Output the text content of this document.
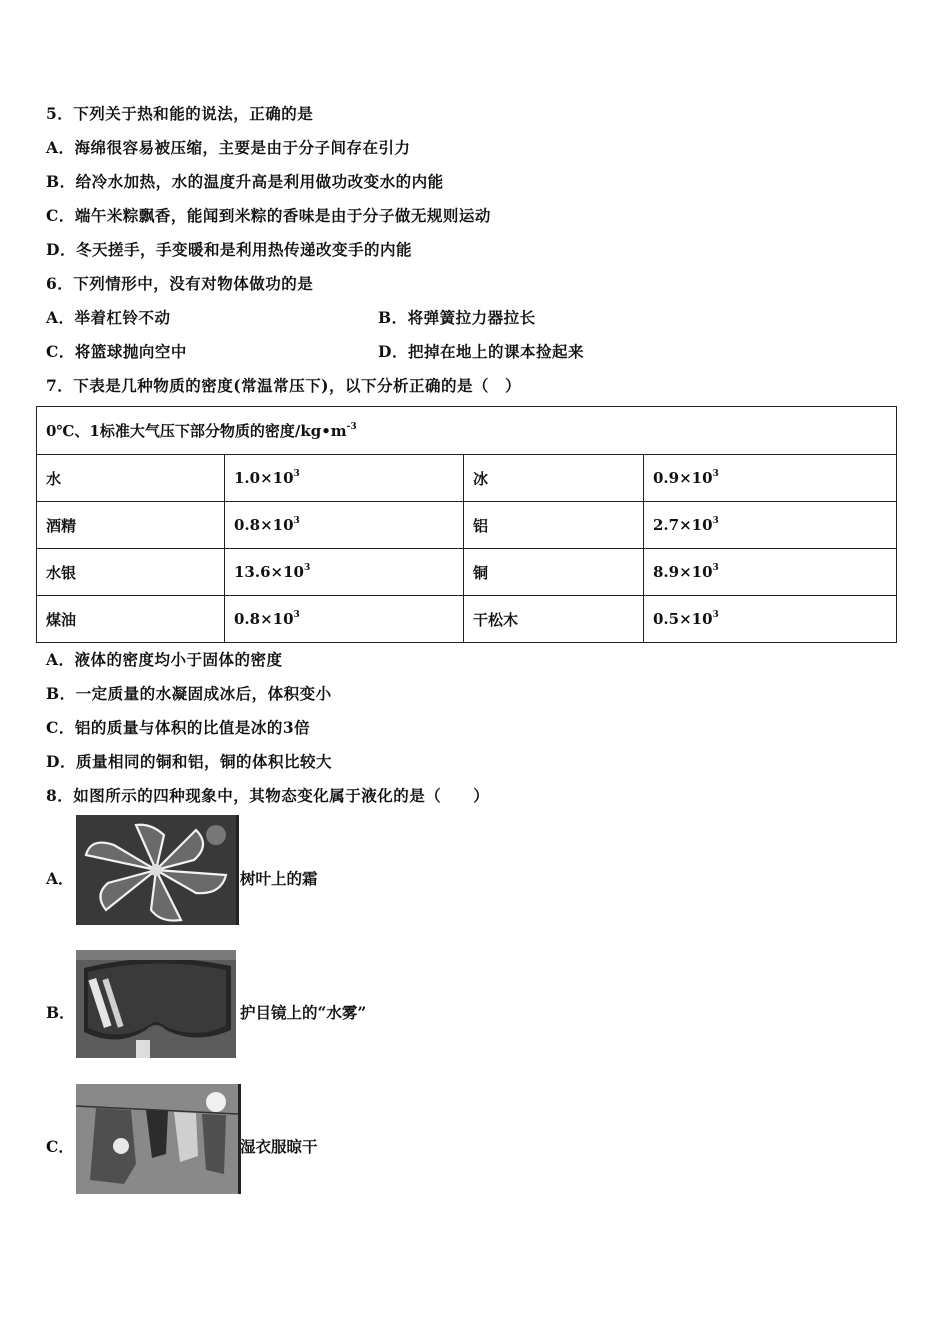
5．下列关于热和能的说法，正确的是
A．海绵很容易被压缩，主要是由于分子间存在引力
B．给冷水加热，水的温度升高是利用做功改变水的内能
C．端午米粽飘香，能闻到米粽的香味是由于分子做无规则运动
D．冬天搓手，手变暖和是利用热传递改变手的内能
6．下列情形中，没有对物体做功的是
A．举着杠铃不动	B．将弹簧拉力器拉长
C．将篮球抛向空中	D．把掉在地上的课本捡起来
7．下表是几种物质的密度(常温常压下)，以下分析正确的是（　）
0℃、1标准大气压下部分物质的密度$/kg•m^{-3}$
水	$1.0\times 10^3$	冰	$0.9\times 10^3$
酒精	$0.8\times 10^3$	铝	$2.7\times 10^3$
水银	$13.6\times 10^3$	铜	$8.9\times 10^3$
煤油	$0.8\times 10^3$	干松木	$0.5\times 10^3$
A．液体的密度均小于固体的密度
B．一定质量的水凝固成冰后，体积变小
C．铝的质量与体积的比值是冰的3倍
D．质量相同的铜和铝，铜的体积比较大
8．如图所示的四种现象中，其物态变化属于液化的是（　　）
A．	树叶上的霜
B．	护目镜上的“水雾”
C．	湿衣服晾干
